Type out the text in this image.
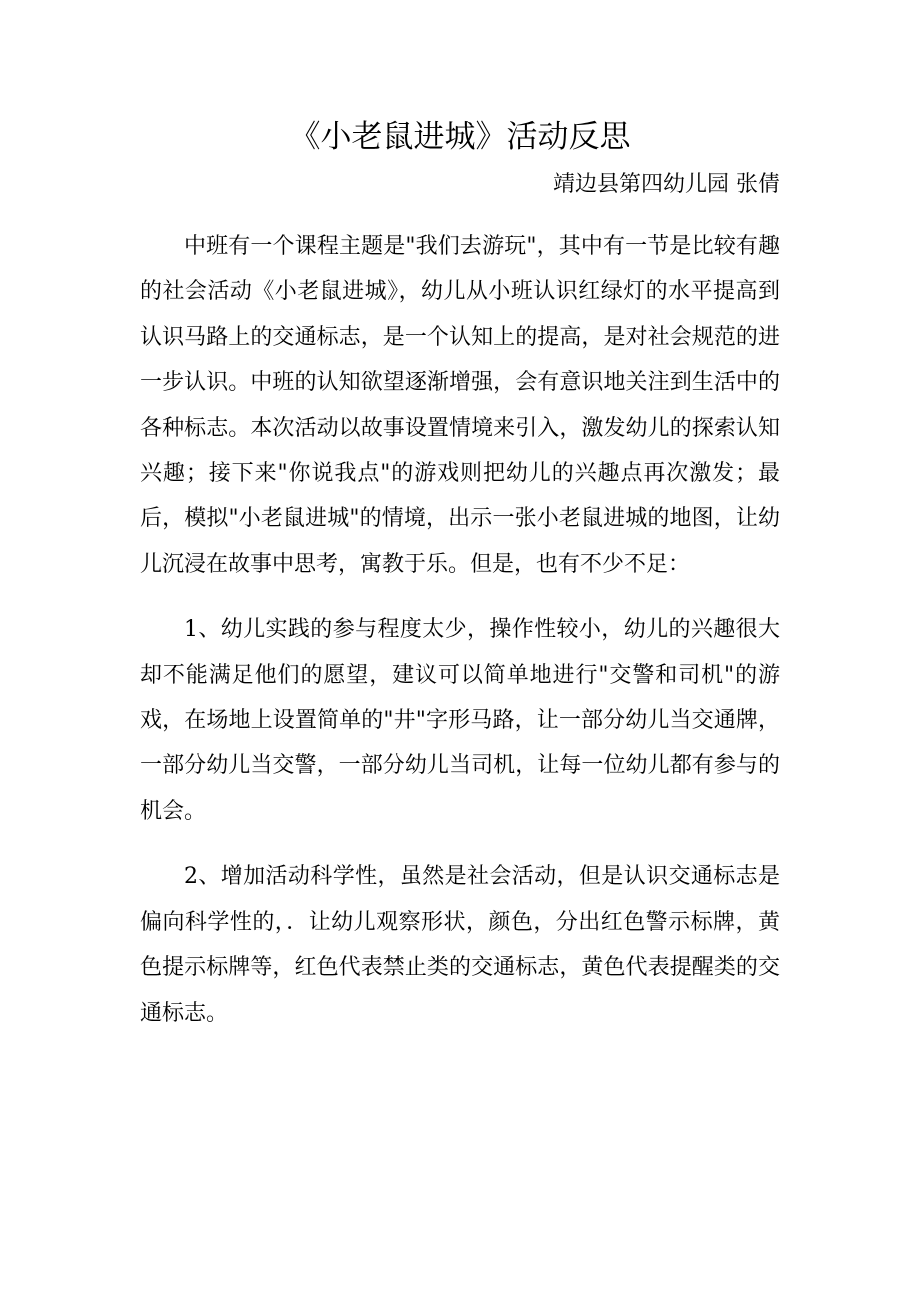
《小老鼠进城》活动反思

靖边县第四幼儿园 张倩

中班有一个课程主题是"我们去游玩"，其中有一节是比较有趣的社会活动《小老鼠进城》，幼儿从小班认识红绿灯的水平提高到认识马路上的交通标志，是一个认知上的提高，是对社会规范的进一步认识。中班的认知欲望逐渐增强，会有意识地关注到生活中的各种标志。本次活动以故事设置情境来引入，激发幼儿的探索认知兴趣；接下来"你说我点"的游戏则把幼儿的兴趣点再次激发；最后，模拟"小老鼠进城"的情境，出示一张小老鼠进城的地图，让幼儿沉浸在故事中思考，寓教于乐。但是，也有不少不足：

1、幼儿实践的参与程度太少，操作性较小，幼儿的兴趣很大却不能满足他们的愿望，建议可以简单地进行"交警和司机"的游戏，在场地上设置简单的"井"字形马路，让一部分幼儿当交通牌，一部分幼儿当交警，一部分幼儿当司机，让每一位幼儿都有参与的机会。

2、增加活动科学性，虽然是社会活动，但是认识交通标志是偏向科学性的，．让幼儿观察形状，颜色，分出红色警示标牌，黄色提示标牌等，红色代表禁止类的交通标志，黄色代表提醒类的交通标志。
